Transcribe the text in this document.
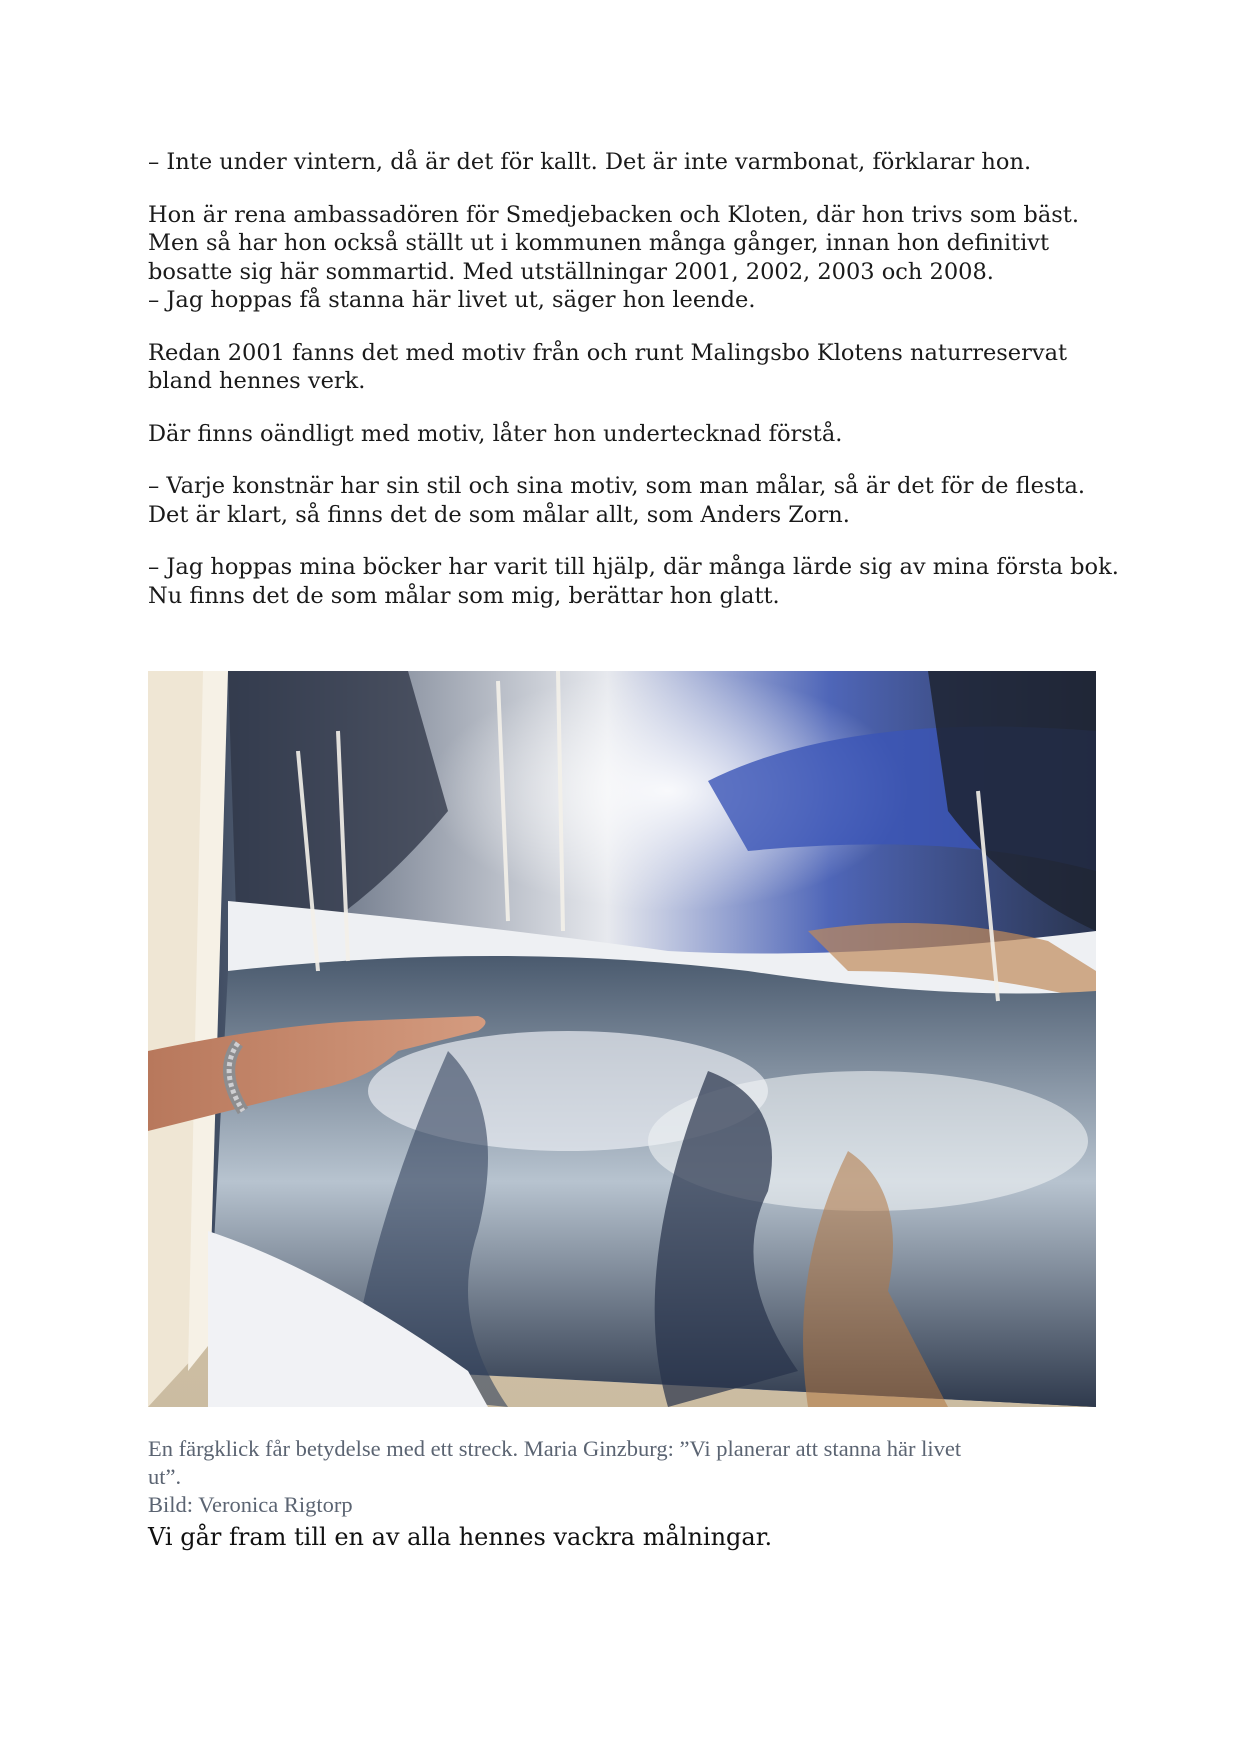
– Inte under vintern, då är det för kallt. Det är inte varmbonat, förklarar hon.

Hon är rena ambassadören för Smedjebacken och Kloten, där hon trivs som bäst.
Men så har hon också ställt ut i kommunen många gånger, innan hon definitivt
bosatte sig här sommartid. Med utställningar 2001, 2002, 2003 och 2008.
– Jag hoppas få stanna här livet ut, säger hon leende.

Redan 2001 fanns det med motiv från och runt Malingsbo Klotens naturreservat
bland hennes verk.

Där finns oändligt med motiv, låter hon undertecknad förstå.

– Varje konstnär har sin stil och sina motiv, som man målar, så är det för de flesta.
Det är klart, så finns det de som målar allt, som Anders Zorn.

– Jag hoppas mina böcker har varit till hjälp, där många lärde sig av mina första bok.
Nu finns det de som målar som mig, berättar hon glatt.

En färgklick får betydelse med ett streck. Maria Ginzburg: ”Vi planerar att stanna här livet
ut”.
Bild: Veronica Rigtorp
Vi går fram till en av alla hennes vackra målningar.
